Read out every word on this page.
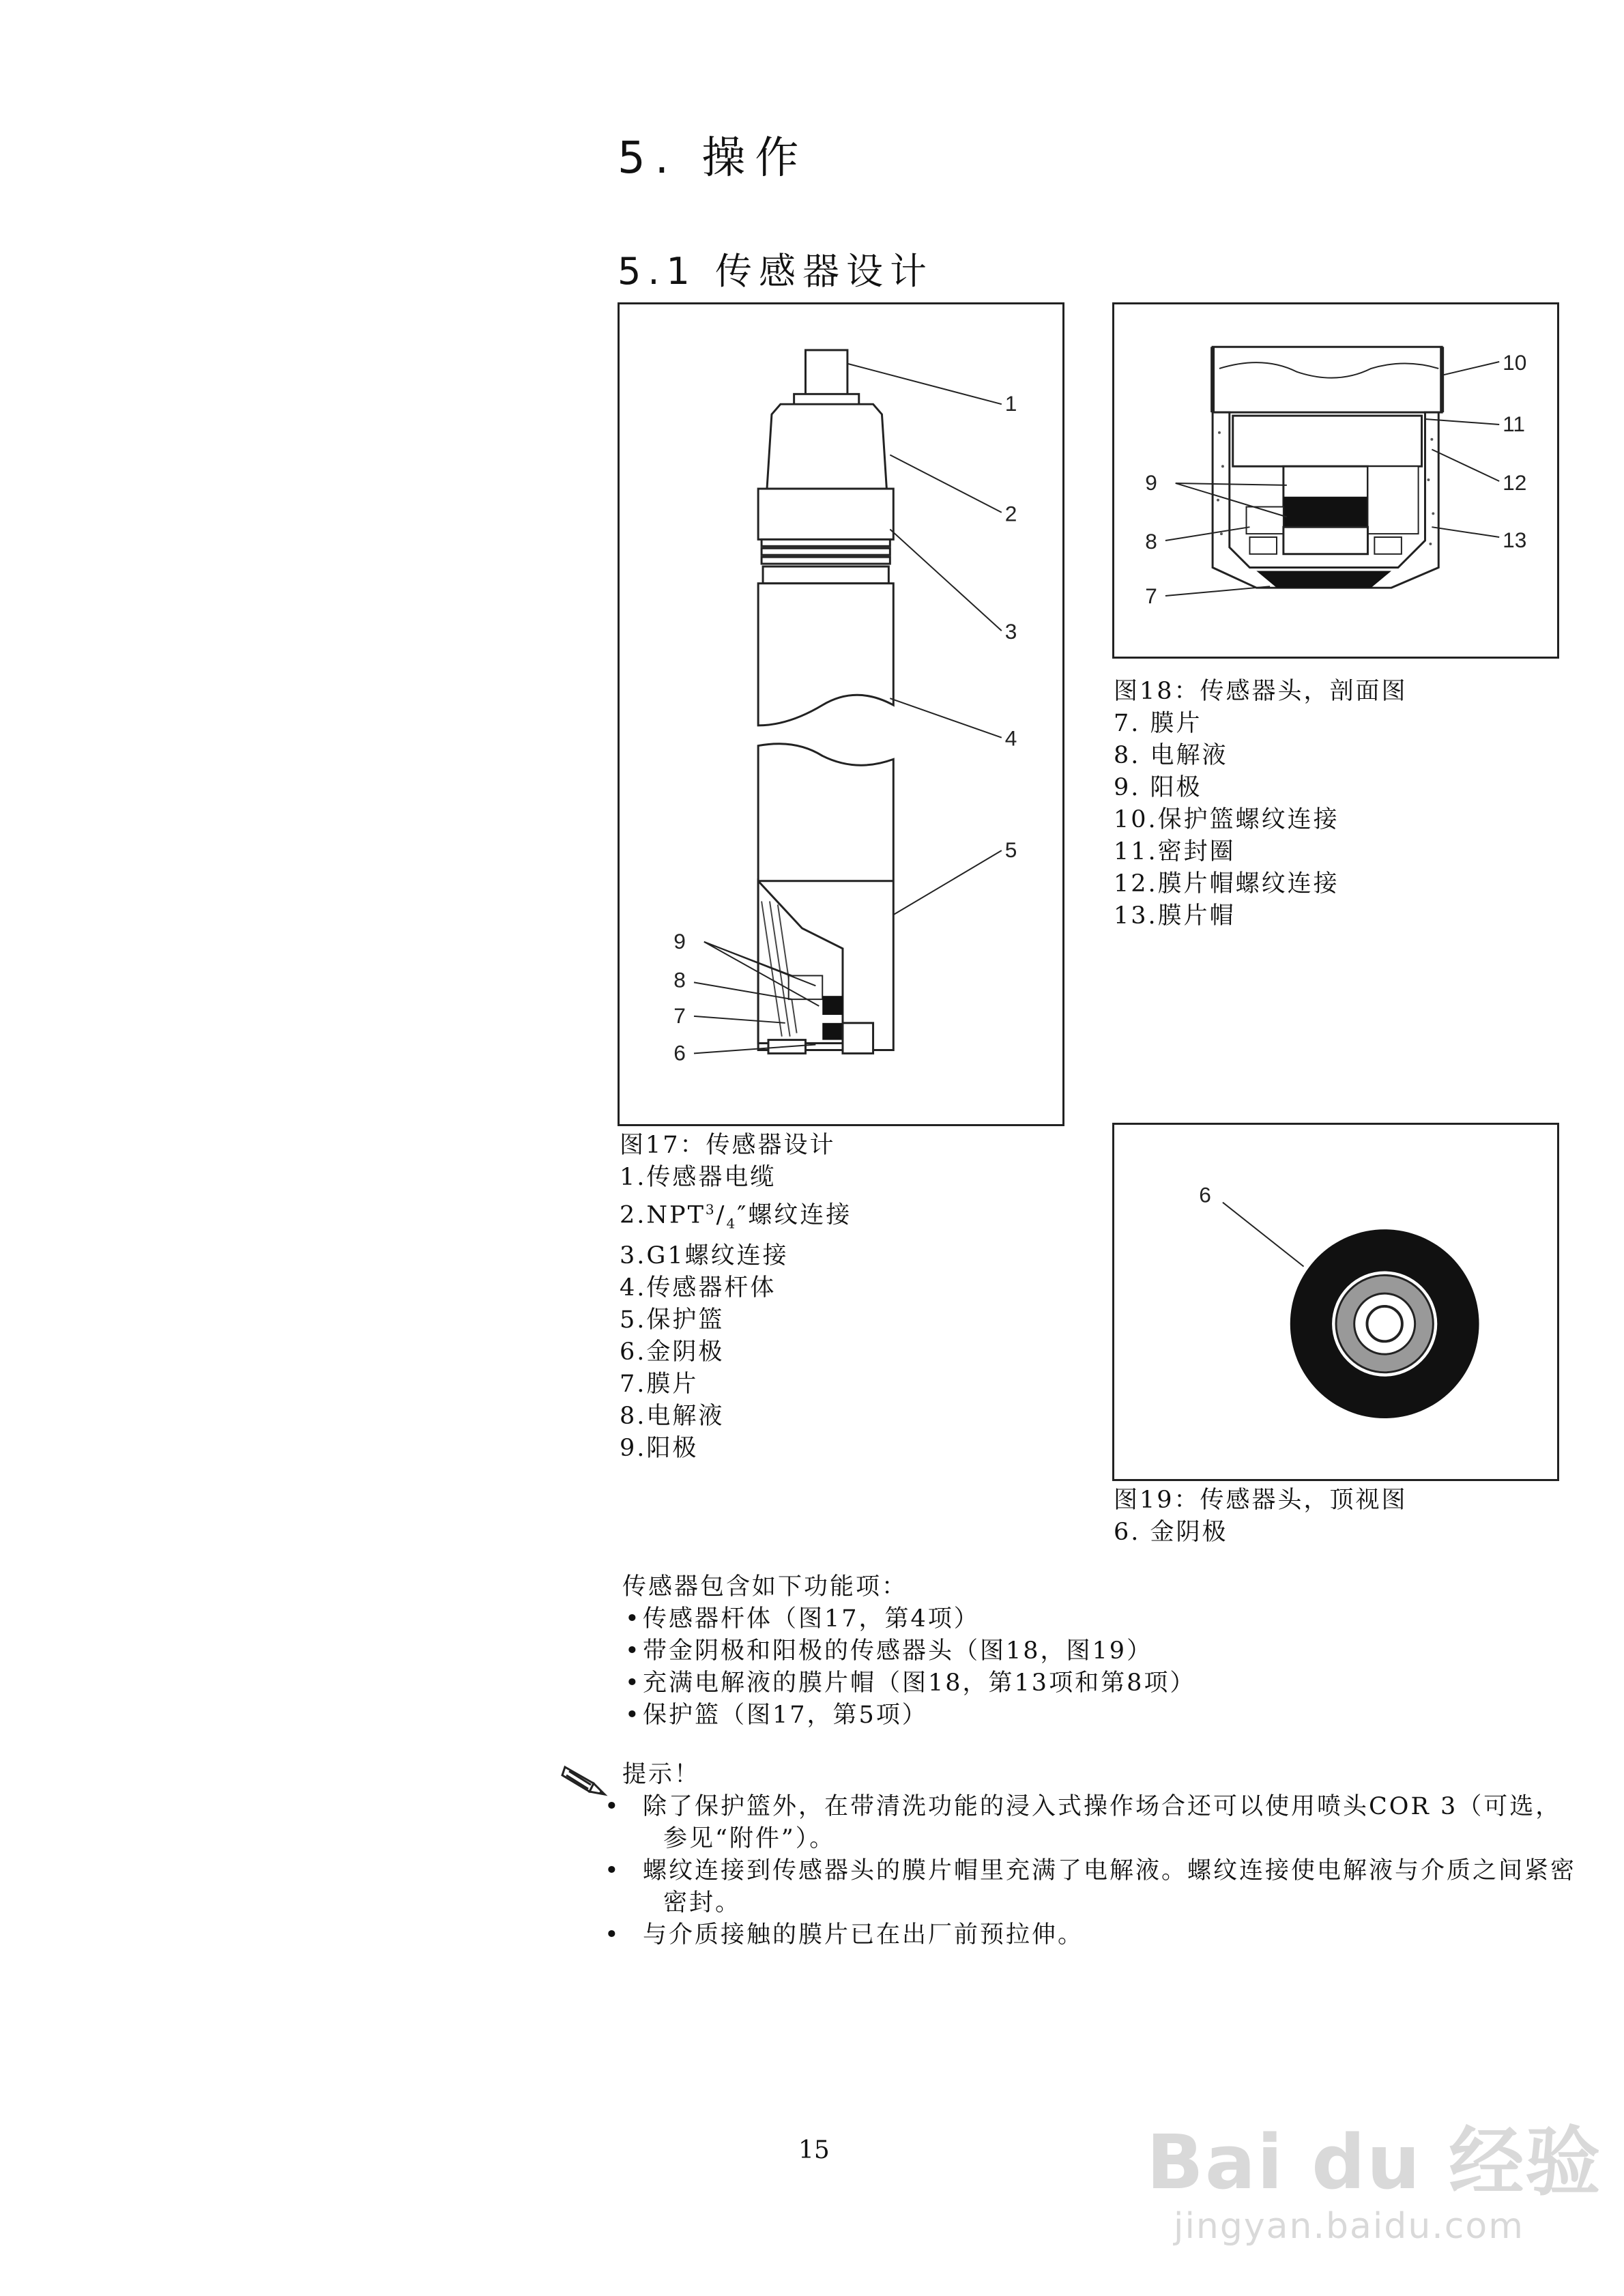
5. 操作
5.1 传感器设计
1
2
3
4
5
9
8
7
6
10
11
12
13
9
8
7
图18：传感器头，剖面图
7. 膜片
8. 电解液
9. 阳极
10.保护篮螺纹连接
11.密封圈
12.膜片帽螺纹连接
13.膜片帽
图17：传感器设计
1.传感器电缆
$2.NPT^3/_4''$螺纹连接
3.G1螺纹连接
4.传感器杆体
5.保护篮
6.金阴极
7.膜片
8.电解液
9.阳极
6
图19：传感器头，顶视图
6. 金阴极
传感器包含如下功能项：
• 传感器杆体（图17，第4项）
• 带金阴极和阳极的传感器头（图18，图19）
• 充满电解液的膜片帽（图18，第13项和第8项）
• 保护篮（图17，第5项）
提示！
• 除了保护篮外，在带清洗功能的浸入式操作场合还可以使用喷头COR 3（可选，参见“附件”）。
• 螺纹连接到传感器头的膜片帽里充满了电解液。螺纹连接使电解液与介质之间紧密密封。
• 与介质接触的膜片已在出厂前预拉伸。
15	Bai du 经验
jingyan.baidu.com
